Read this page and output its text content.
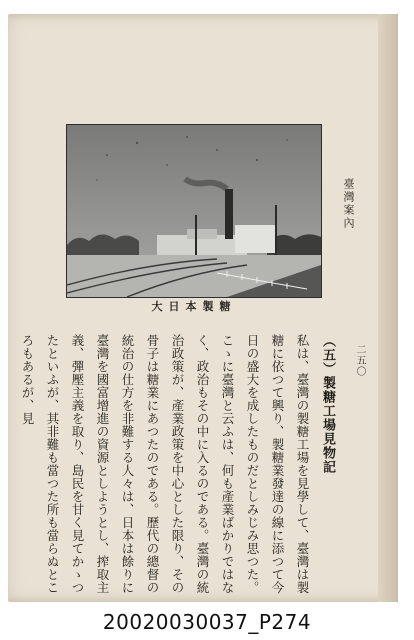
大日本製糖
臺灣案內
二五〇
（五）製糖工場見物記

私は、臺灣の製糖工場を見學して、臺灣は製糖に依つて興り、製糖業發達の線に添つて今日の盛大を成したものだとしみじみ思つた。

こゝに臺灣と云ふは、何も產業ばかりではなく、政治もその中に入るのである。臺灣の統治政策が、產業政策を中心とした限り、その骨子は糖業にあつたのである。歷代の總督の統治の仕方を非難する人々は、日本は餘りに臺灣を國富增進の資源としようとし、搾取主義、彈壓主義を取り、島民を甘く見てかゝつたといふが、其非難も當つた所も當らぬところもあるが、見

20020030037_P274
